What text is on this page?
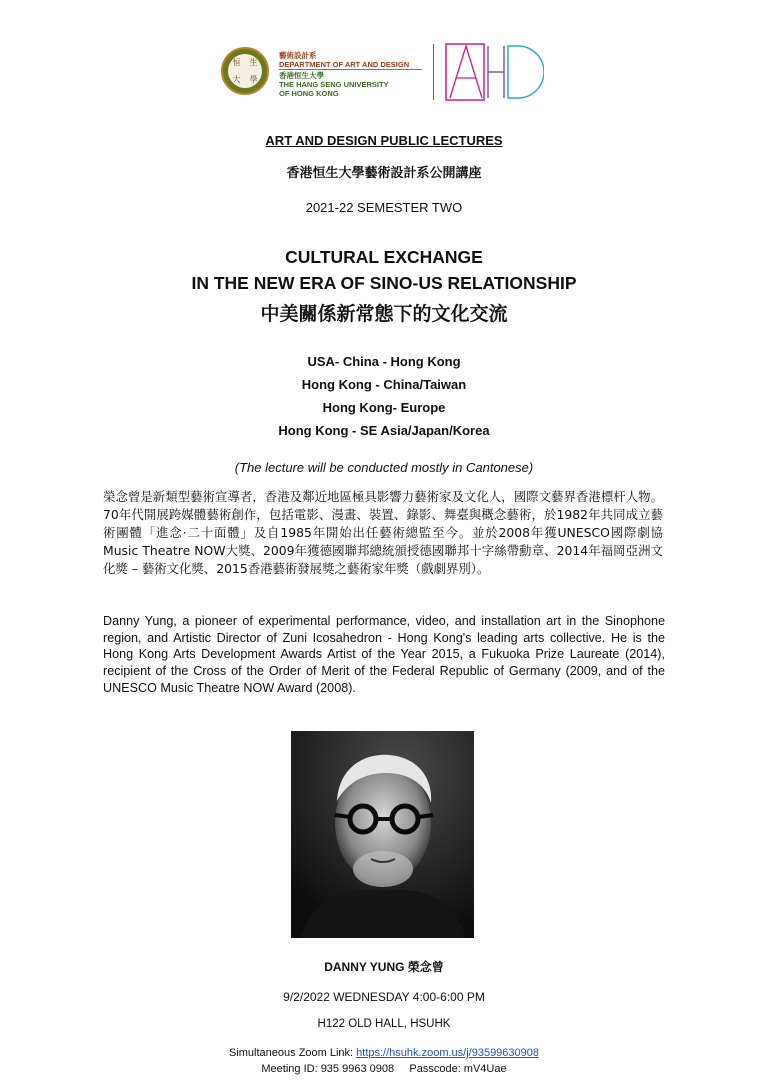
恒 生
大 學
藝術設計系
DEPARTMENT OF ART AND DESIGN
香港恒生大學
THE HANG SENG UNIVERSITY
OF HONG KONG
ART AND DESIGN PUBLIC LECTURES
香港恒生大學藝術設計系公開講座
2021-22 SEMESTER TWO
CULTURAL EXCHANGE
IN THE NEW ERA OF SINO-US RELATIONSHIP
中美關係新常態下的文化交流
USA- China - Hong Kong
Hong Kong - China/Taiwan
Hong Kong- Europe
Hong Kong - SE Asia/Japan/Korea
(The lecture will be conducted mostly in Cantonese)
榮念曾是新類型藝術宣導者，香港及鄰近地區極具影響力藝術家及文化人，國際文藝界香港標杆人物。70年代開展跨媒體藝術創作，包括電影、漫畫、裝置、錄影、舞臺與概念藝術，於1982年共同成立藝術團體「進念·二十面體」及自1985年開始出任藝術總監至今。並於2008年獲UNESCO國際劇協Music Theatre NOW大獎、2009年獲德國聯邦總統頒授德國聯邦十字絲帶勳章、2014年福岡亞洲文化獎 – 藝術文化獎、2015香港藝術發展獎之藝術家年獎（戲劇界別）。
Danny Yung, a pioneer of experimental performance, video, and installation art in the Sinophone region, and Artistic Director of Zuni Icosahedron - Hong Kong's leading arts collective. He is the Hong Kong Arts Development Awards Artist of the Year 2015, a Fukuoka Prize Laureate (2014), recipient of the Cross of the Order of Merit of the Federal Republic of Germany (2009, and of the UNESCO Music Theatre NOW Award (2008).
DANNY YUNG 榮念曾
9/2/2022 WEDNESDAY 4:00-6:00 PM
H122 OLD HALL, HSUHK
Simultaneous Zoom Link: https://hsuhk.zoom.us/j/93599630908
Meeting ID: 935 9963 0908     Passcode: mV4Uae
